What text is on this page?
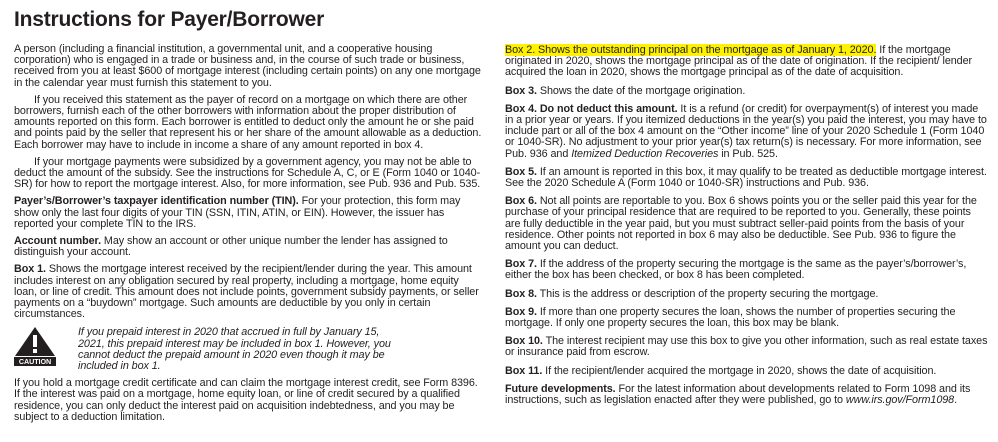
Instructions for Payer/Borrower

A person (including a financial institution, a governmental unit, and a cooperative housing corporation) who is engaged in a trade or business and, in the course of such trade or business, received from you at least $600 of mortgage interest (including certain points) on any one mortgage in the calendar year must furnish this statement to you.

If you received this statement as the payer of record on a mortgage on which there are other borrowers, furnish each of the other borrowers with information about the proper distribution of amounts reported on this form. Each borrower is entitled to deduct only the amount he or she paid and points paid by the seller that represent his or her share of the amount allowable as a deduction. Each borrower may have to include in income a share of any amount reported in box 4.

If your mortgage payments were subsidized by a government agency, you may not be able to deduct the amount of the subsidy. See the instructions for Schedule A, C, or E (Form 1040 or 1040-SR) for how to report the mortgage interest. Also, for more information, see Pub. 936 and Pub. 535.

Payer’s/Borrower’s taxpayer identification number (TIN). For your protection, this form may show only the last four digits of your TIN (SSN, ITIN, ATIN, or EIN). However, the issuer has reported your complete TIN to the IRS.

Account number. May show an account or other unique number the lender has assigned to distinguish your account.

Box 1. Shows the mortgage interest received by the recipient/lender during the year. This amount includes interest on any obligation secured by real property, including a mortgage, home equity loan, or line of credit. This amount does not include points, government subsidy payments, or seller payments on a “buydown” mortgage. Such amounts are deductible by you only in certain circumstances.

CAUTION
If you prepaid interest in 2020 that accrued in full by January 15, 2021, this prepaid interest may be included in box 1. However, you cannot deduct the prepaid amount in 2020 even though it may be included in box 1.

If you hold a mortgage credit certificate and can claim the mortgage interest credit, see Form 8396. If the interest was paid on a mortgage, home equity loan, or line of credit secured by a qualified residence, you can only deduct the interest paid on acquisition indebtedness, and you may be subject to a deduction limitation.

Box 2. Shows the outstanding principal on the mortgage as of January 1, 2020. If the mortgage originated in 2020, shows the mortgage principal as of the date of origination. If the recipient/ lender acquired the loan in 2020, shows the mortgage principal as of the date of acquisition.

Box 3. Shows the date of the mortgage origination.

Box 4. Do not deduct this amount. It is a refund (or credit) for overpayment(s) of interest you made in a prior year or years. If you itemized deductions in the year(s) you paid the interest, you may have to include part or all of the box 4 amount on the “Other income” line of your 2020 Schedule 1 (Form 1040 or 1040-SR). No adjustment to your prior year(s) tax return(s) is necessary. For more information, see Pub. 936 and Itemized Deduction Recoveries in Pub. 525.

Box 5. If an amount is reported in this box, it may qualify to be treated as deductible mortgage interest. See the 2020 Schedule A (Form 1040 or 1040-SR) instructions and Pub. 936.

Box 6. Not all points are reportable to you. Box 6 shows points you or the seller paid this year for the purchase of your principal residence that are required to be reported to you. Generally, these points are fully deductible in the year paid, but you must subtract seller-paid points from the basis of your residence. Other points not reported in box 6 may also be deductible. See Pub. 936 to figure the amount you can deduct.

Box 7. If the address of the property securing the mortgage is the same as the payer’s/borrower’s, either the box has been checked, or box 8 has been completed.

Box 8. This is the address or description of the property securing the mortgage.

Box 9. If more than one property secures the loan, shows the number of properties securing the mortgage. If only one property secures the loan, this box may be blank.

Box 10. The interest recipient may use this box to give you other information, such as real estate taxes or insurance paid from escrow.

Box 11. If the recipient/lender acquired the mortgage in 2020, shows the date of acquisition.

Future developments. For the latest information about developments related to Form 1098 and its instructions, such as legislation enacted after they were published, go to www.irs.gov/Form1098.
